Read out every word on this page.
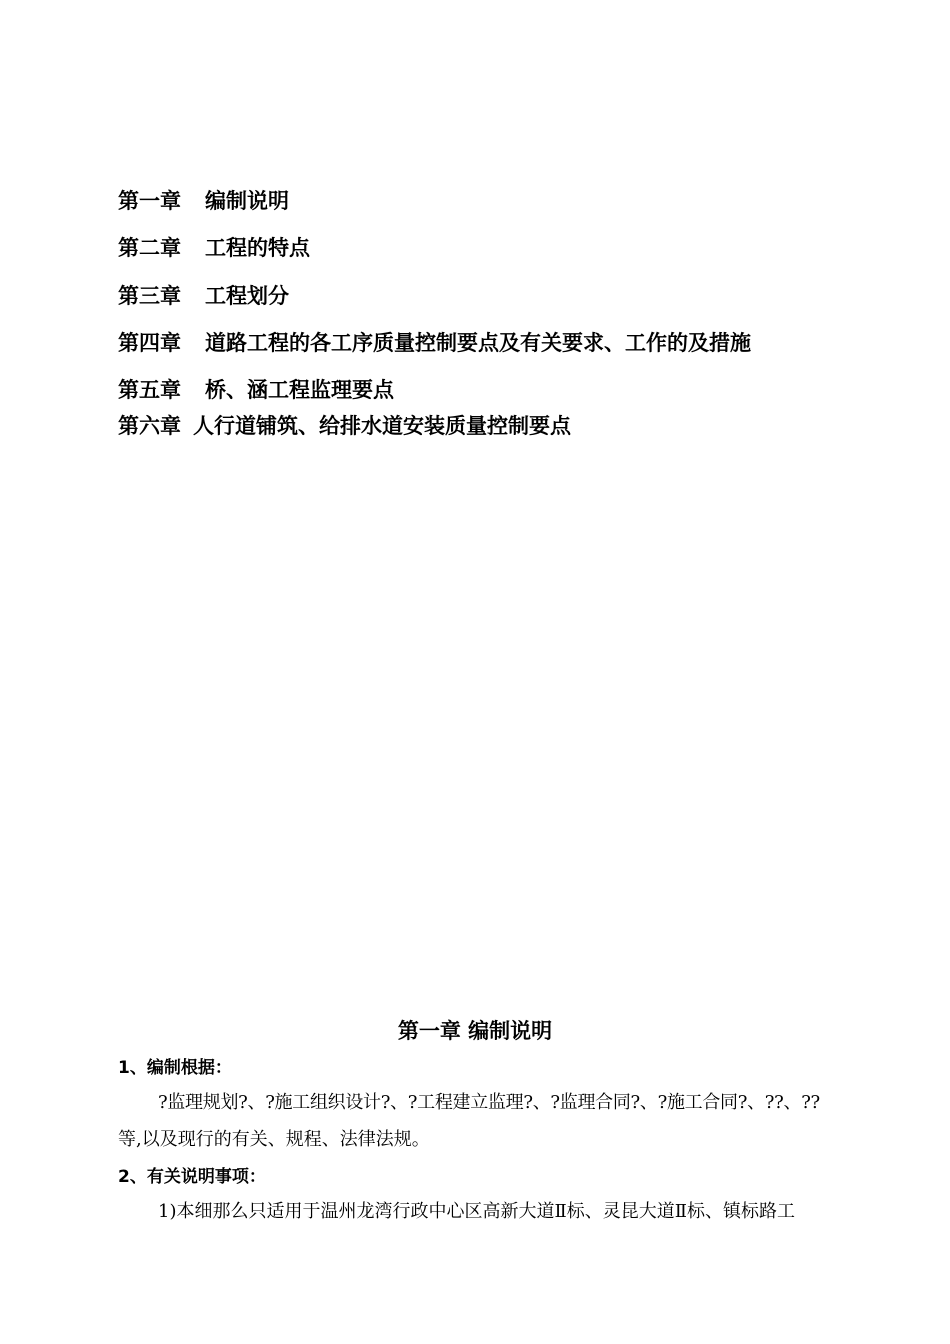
第一章 编制说明
第二章 工程的特点
第三章 工程划分
第四章 道路工程的各工序质量控制要点及有关要求、工作的及措施
第五章 桥、涵工程监理要点
第六章 人行道铺筑、给排水道安装质量控制要点
第一章 编制说明
1、编制根据：
?监理规划?、?施工组织设计?、?工程建立监理?、?监理合同?、?施工合同?、??、??
等,以及现行的有关、规程、法律法规。
2、有关说明事项：
1)本细那么只适用于温州龙湾行政中心区高新大道Ⅱ标、灵昆大道Ⅱ标、镇标路工
